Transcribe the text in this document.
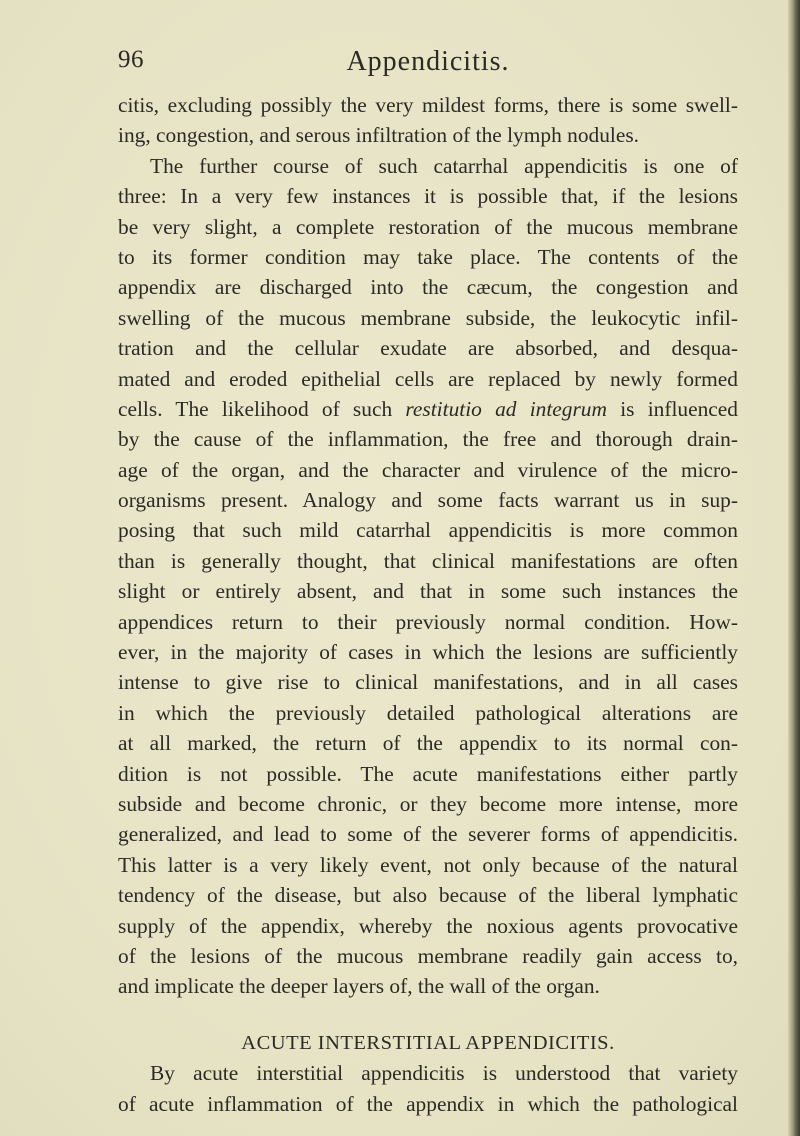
96	Appendicitis.
citis, excluding possibly the very mildest forms, there is some swell-
ing, congestion, and serous infiltration of the lymph nodules.
The further course of such catarrhal appendicitis is one of
three: In a very few instances it is possible that, if the lesions
be very slight, a complete restoration of the mucous membrane
to its former condition may take place. The contents of the
appendix are discharged into the cæcum, the congestion and
swelling of the mucous membrane subside, the leukocytic infil-
tration and the cellular exudate are absorbed, and desqua-
mated and eroded epithelial cells are replaced by newly formed
cells. The likelihood of such restitutio ad integrum is influenced
by the cause of the inflammation, the free and thorough drain-
age of the organ, and the character and virulence of the micro-
organisms present. Analogy and some facts warrant us in sup-
posing that such mild catarrhal appendicitis is more common
than is generally thought, that clinical manifestations are often
slight or entirely absent, and that in some such instances the
appendices return to their previously normal condition. How-
ever, in the majority of cases in which the lesions are sufficiently
intense to give rise to clinical manifestations, and in all cases
in which the previously detailed pathological alterations are
at all marked, the return of the appendix to its normal con-
dition is not possible. The acute manifestations either partly
subside and become chronic, or they become more intense, more
generalized, and lead to some of the severer forms of appendicitis.
This latter is a very likely event, not only because of the natural
tendency of the disease, but also because of the liberal lymphatic
supply of the appendix, whereby the noxious agents provocative
of the lesions of the mucous membrane readily gain access to,
and implicate the deeper layers of, the wall of the organ.
ACUTE INTERSTITIAL APPENDICITIS.
By acute interstitial appendicitis is understood that variety
of acute inflammation of the appendix in which the pathological
